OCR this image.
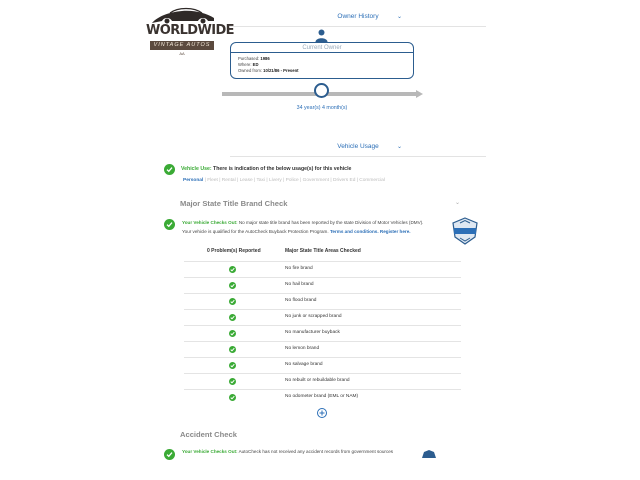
WORLDWIDE
VINTAGE AUTOS
AA
Owner History	⌄
Current Owner
Purchased: 1986
Where: ED
Owned from: 10/21/86 - Present
34 year(s) 4 month(s)
Vehicle Usage	⌄
Vehicle Use: There is indication of the below usage(s) for this vehicle
Personal | Fleet | Rental | Lease | Taxi | Livery | Police | Government | Drivers Ed | Commercial
Major State Title Brand Check	⌄
Your Vehicle Checks Out: No major state title brand has been reported by the state Division of Motor Vehicles (DMV).
Your vehicle is qualified for the AutoCheck Buyback Protection Program. Terms and conditions. Register here.
0 Problem(s) Reported	Major State Title Areas Checked
No fire brand
No hail brand
No flood brand
No junk or scrapped brand
No manufacturer buyback
No lemon brand
No salvage brand
No rebuilt or rebuildable brand
No odometer brand (EML or NAM)
Accident Check
Your Vehicle Checks Out: AutoCheck has not received any accident records from government sources
